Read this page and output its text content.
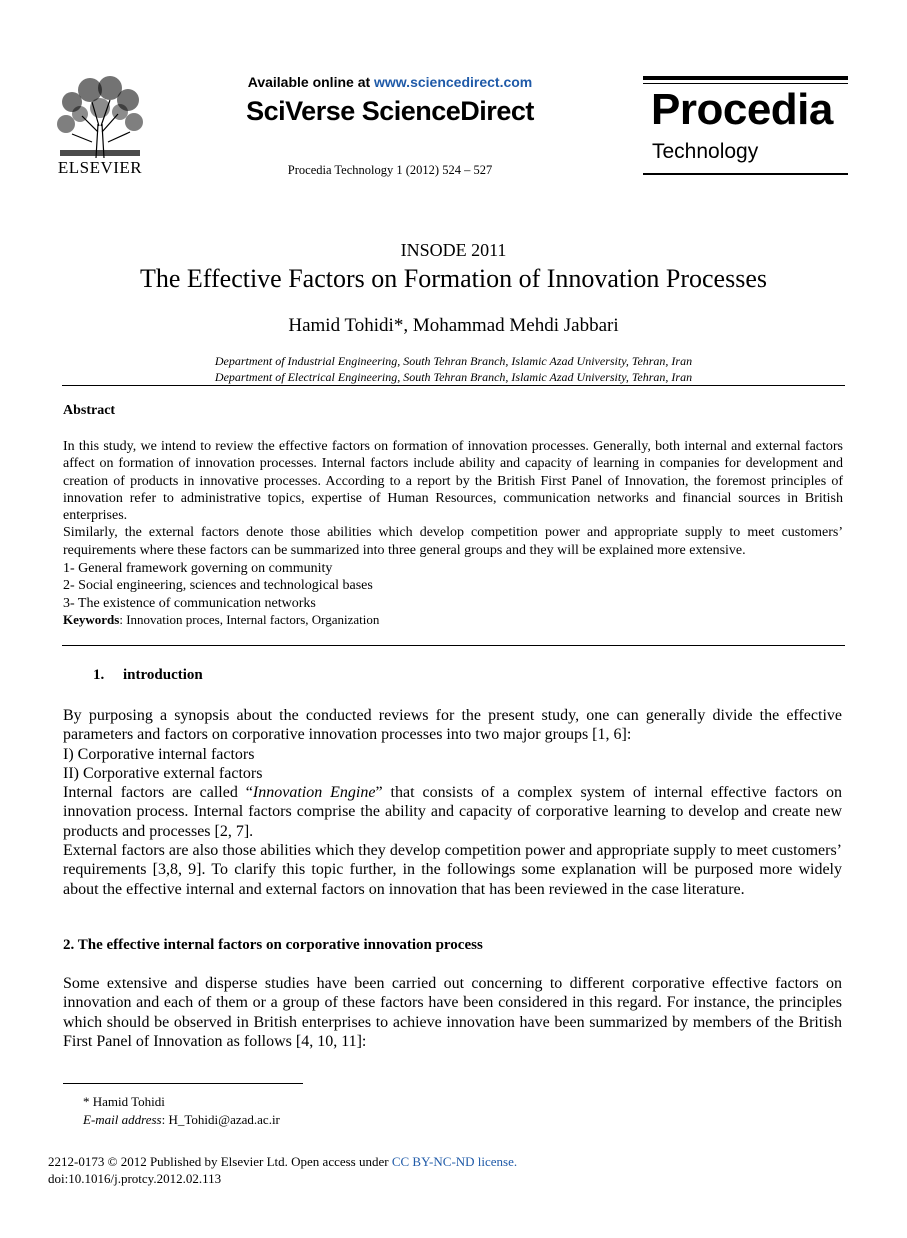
ELSEVIER
Available online at www.sciencedirect.com
SciVerse ScienceDirect
Procedia Technology 1 (2012) 524 – 527
Procedia
Technology
INSODE 2011
The Effective Factors on Formation of Innovation Processes
Hamid Tohidi*, Mohammad Mehdi Jabbari
Department of Industrial Engineering, South Tehran Branch, Islamic Azad University, Tehran, Iran
Department of Electrical Engineering, South Tehran Branch, Islamic Azad University, Tehran, Iran
Abstract
In this study, we intend to review the effective factors on formation of innovation processes. Generally, both internal and external factors affect on formation of innovation processes. Internal factors include ability and capacity of learning in companies for development and creation of products in innovative processes. According to a report by the British First Panel of Innovation, the foremost principles of innovation refer to administrative topics, expertise of Human Resources, communication networks and financial sources in British enterprises.
Similarly, the external factors denote those abilities which develop competition power and appropriate supply to meet customers’ requirements where these factors can be summarized into three general groups and they will be explained more extensive.
1- General framework governing on community
2- Social engineering, sciences and technological bases
3- The existence of communication networks
Keywords: Innovation proces, Internal factors, Organization
1. introduction

By purposing a synopsis about the conducted reviews for the present study, one can generally divide the effective parameters and factors on corporative innovation processes into two major groups [1, 6]:

I) Corporative internal factors

II) Corporative external factors

Internal factors are called “Innovation Engine” that consists of a complex system of internal effective factors on innovation process. Internal factors comprise the ability and capacity of corporative learning to develop and create new products and processes [2, 7].

External factors are also those abilities which they develop competition power and appropriate supply to meet customers’ requirements [3,8, 9]. To clarify this topic further, in the followings some explanation will be purposed more widely about the effective internal and external factors on innovation that has been reviewed in the case literature.

2. The effective internal factors on corporative innovation process
Some extensive and disperse studies have been carried out concerning to different corporative effective factors on innovation and each of them or a group of these factors have been considered in this regard. For instance, the principles which should be observed in British enterprises to achieve innovation have been summarized by members of the British First Panel of Innovation as follows [4, 10, 11]:
* Hamid Tohidi
E-mail address: H_Tohidi@azad.ac.ir
2212-0173 © 2012 Published by Elsevier Ltd. Open access under CC BY-NC-ND license.
doi:10.1016/j.protcy.2012.02.113
